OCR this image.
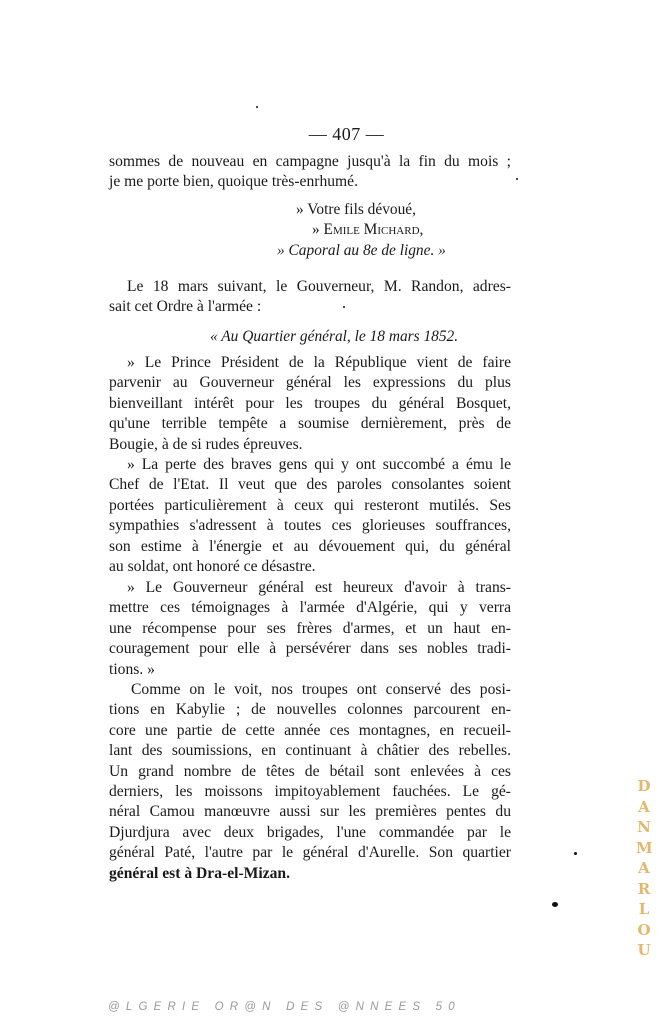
— 407 —
sommes de nouveau en campagne jusqu'à la fin du mois ;
je me porte bien, quoique très-enrhumé.
» Votre fils dévoué,
» Emile Michard,
» Caporal au 8e de ligne. »
Le 18 mars suivant, le Gouverneur, M. Randon, adres-
sait cet Ordre à l'armée :
« Au Quartier général, le 18 mars 1852.
» Le Prince Président de la République vient de faire
parvenir au Gouverneur général les expressions du plus
bienveillant intérêt pour les troupes du général Bosquet,
qu'une terrible tempête a soumise dernièrement, près de
Bougie, à de si rudes épreuves.
» La perte des braves gens qui y ont succombé a ému le
Chef de l'Etat. Il veut que des paroles consolantes soient
portées particulièrement à ceux qui resteront mutilés. Ses
sympathies s'adressent à toutes ces glorieuses souffrances,
son estime à l'énergie et au dévouement qui, du général
au soldat, ont honoré ce désastre.
» Le Gouverneur général est heureux d'avoir à trans-
mettre ces témoignages à l'armée d'Algérie, qui y verra
une récompense pour ses frères d'armes, et un haut en-
couragement pour elle à persévérer dans ses nobles tradi-
tions. »
Comme on le voit, nos troupes ont conservé des posi-
tions en Kabylie ; de nouvelles colonnes parcourent en-
core une partie de cette année ces montagnes, en recueil-
lant des soumissions, en continuant à châtier des rebelles.
Un grand nombre de têtes de bétail sont enlevées à ces
derniers, les moissons impitoyablement fauchées. Le gé-
néral Camou manœuvre aussi sur les premières pentes du
Djurdjura avec deux brigades, l'une commandée par le
général Paté, l'autre par le général d'Aurelle. Son quartier
général est à Dra-el-Mizan.
D
A
N
M
A
R
L
O
U
@LGERIE OR@N DES @NNEES 50
